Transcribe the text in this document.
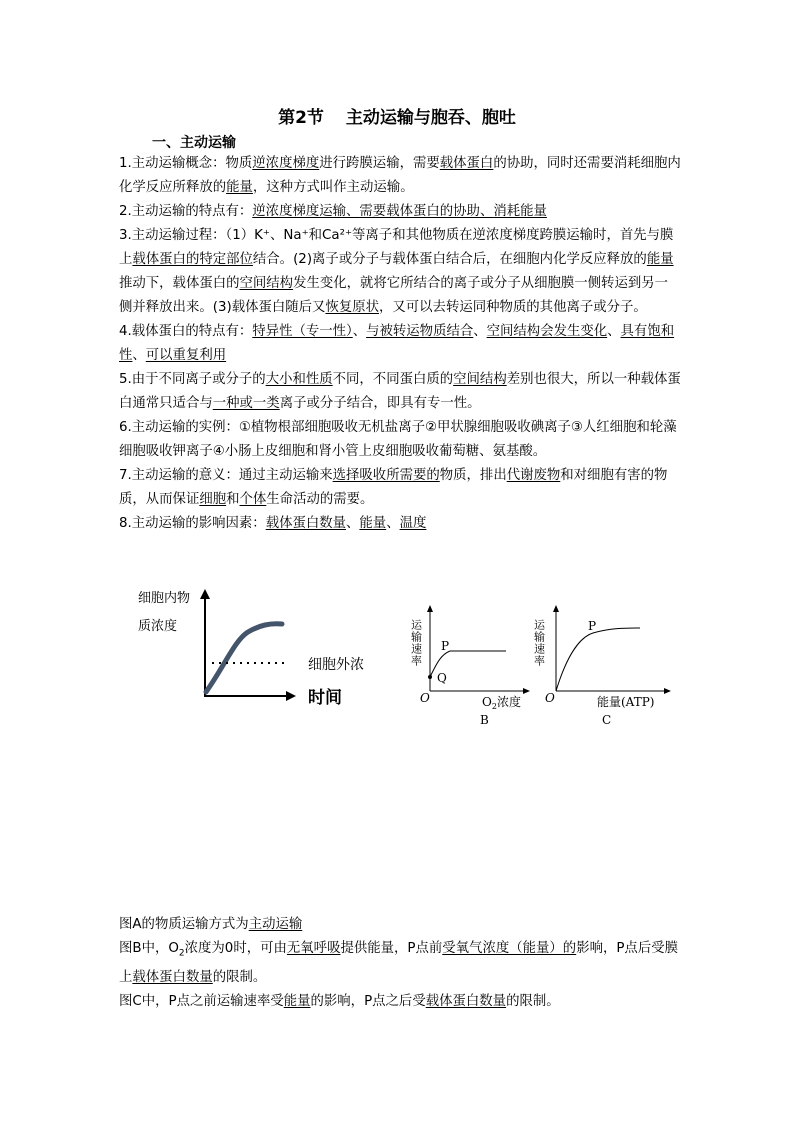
第2节 主动运输与胞吞、胞吐
一、主动运输

1.主动运输概念：物质逆浓度梯度进行跨膜运输，需要载体蛋白的协助，同时还需要消耗细胞内化学反应所释放的能量，这种方式叫作主动运输。

2.主动运输的特点有：逆浓度梯度运输、需要载体蛋白的协助、消耗能量

3.主动运输过程：（1）K⁺、Na⁺和Ca²⁺等离子和其他物质在逆浓度梯度跨膜运输时，首先与膜上载体蛋白的特定部位结合。(2)离子或分子与载体蛋白结合后，在细胞内化学反应释放的能量推动下，载体蛋白的空间结构发生变化，就将它所结合的离子或分子从细胞膜一侧转运到另一侧并释放出来。(3)载体蛋白随后又恢复原状，又可以去转运同种物质的其他离子或分子。

4.载体蛋白的特点有：特异性（专一性）、与被转运物质结合、空间结构会发生变化、具有饱和性、可以重复利用

5.由于不同离子或分子的大小和性质不同，不同蛋白质的空间结构差别也很大，所以一种载体蛋白通常只适合与一种或一类离子或分子结合，即具有专一性。

6.主动运输的实例：①植物根部细胞吸收无机盐离子②甲状腺细胞吸收碘离子③人红细胞和轮藻细胞吸收钾离子④小肠上皮细胞和肾小管上皮细胞吸收葡萄糖、氨基酸。

7.主动运输的意义：通过主动运输来选择吸收所需要的物质，排出代谢废物和对细胞有害的物质，从而保证细胞和个体生命活动的需要。

8.主动运输的影响因素：载体蛋白数量、能量、温度

细胞内物
质浓度
细胞外浓
时间
运输速率 P
Q
O	$O_2$浓度
B
运输速率	P
O	能量(ATP)
C

图A的物质运输方式为主动运输

图B中，$O_2$浓度为0时，可由无氧呼吸提供能量，P点前受氧气浓度（能量）的影响，P点后受膜上载体蛋白数量的限制。

图C中，P点之前运输速率受能量的影响，P点之后受载体蛋白数量的限制。
